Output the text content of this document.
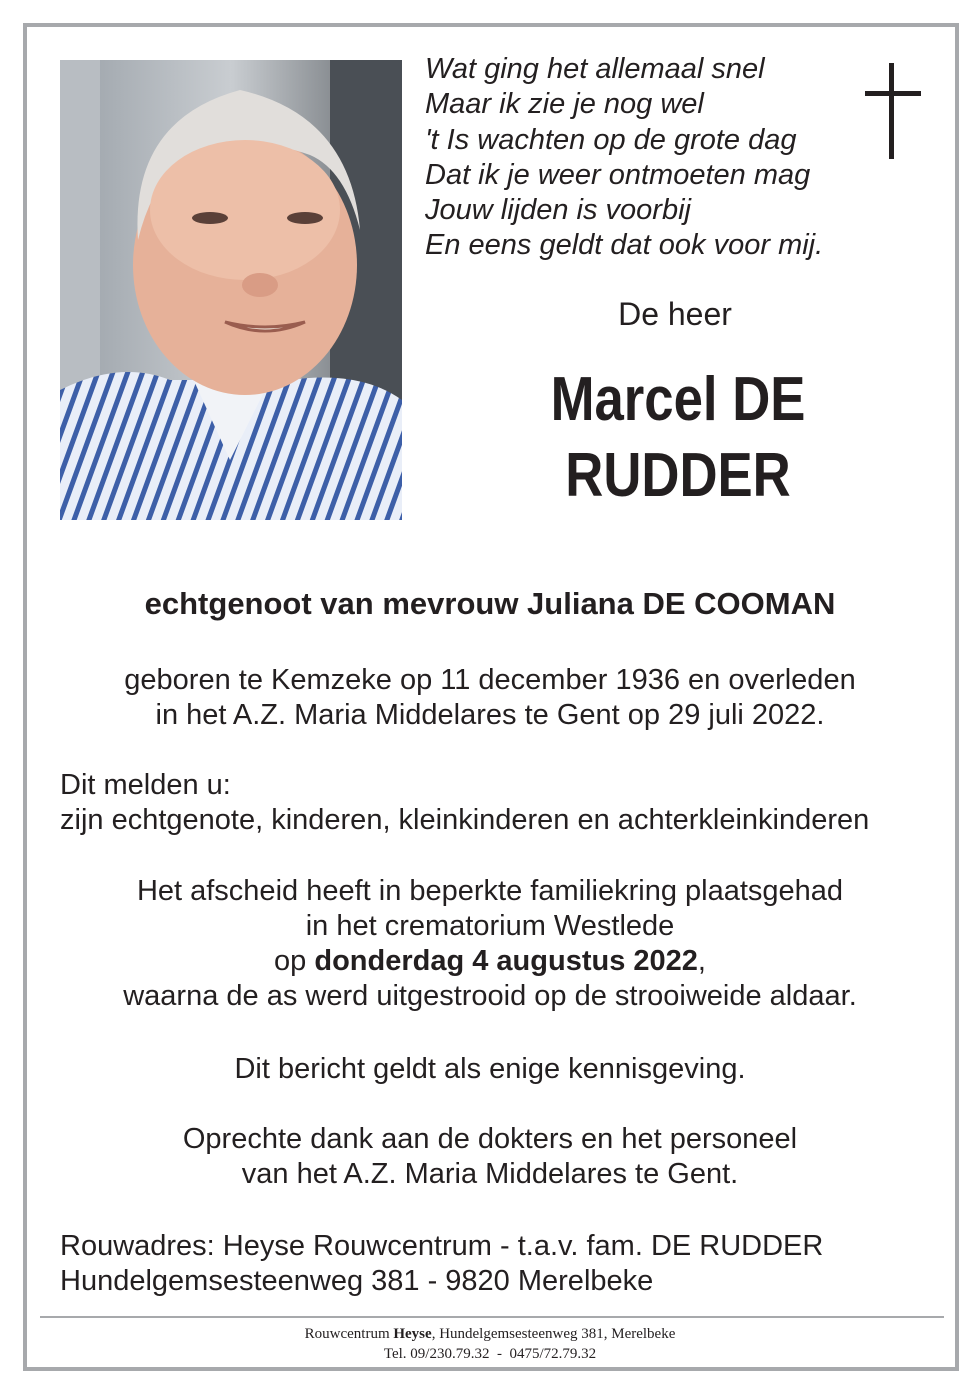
Wat ging het allemaal snel
Maar ik zie je nog wel
't Is wachten op de grote dag
Dat ik je weer ontmoeten mag
Jouw lijden is voorbij
En eens geldt dat ook voor mij.
De heer
Marcel DE
RUDDER
echtgenoot van mevrouw Juliana DE COOMAN
geboren te Kemzeke op 11 december 1936 en overleden
in het A.Z. Maria Middelares te Gent op 29 juli 2022.
Dit melden u:
zijn echtgenote, kinderen, kleinkinderen en achterkleinkinderen
Het afscheid heeft in beperkte familiekring plaatsgehad
in het crematorium Westlede
op donderdag 4 augustus 2022,
waarna de as werd uitgestrooid op de strooiweide aldaar.
Dit bericht geldt als enige kennisgeving.
Oprechte dank aan de dokters en het personeel
van het A.Z. Maria Middelares te Gent.
Rouwadres: Heyse Rouwcentrum - t.a.v. fam. DE RUDDER
Hundelgemsesteenweg 381 - 9820 Merelbeke
Rouwcentrum Heyse, Hundelgemsesteenweg 381, Merelbeke
Tel. 09/230.79.32  -  0475/72.79.32
